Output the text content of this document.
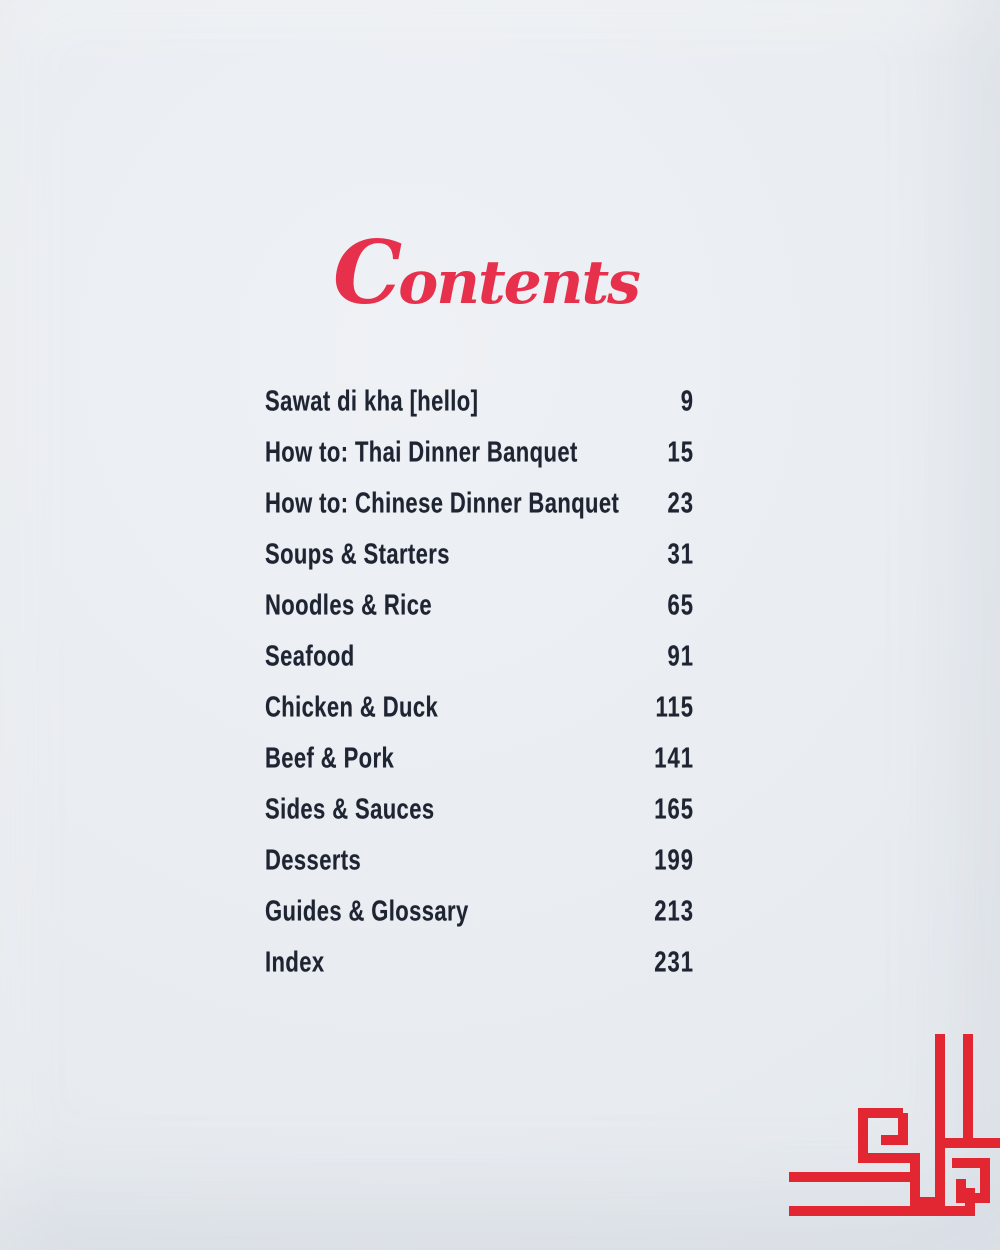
Contents
Sawat di kha [hello]	9
How to: Thai Dinner Banquet	15
How to: Chinese Dinner Banquet 23
Soups & Starters	31
Noodles & Rice	65
Seafood	91
Chicken & Duck	115
Beef & Pork	141
Sides & Sauces	165
Desserts	199
Guides & Glossary	213
Index	231
